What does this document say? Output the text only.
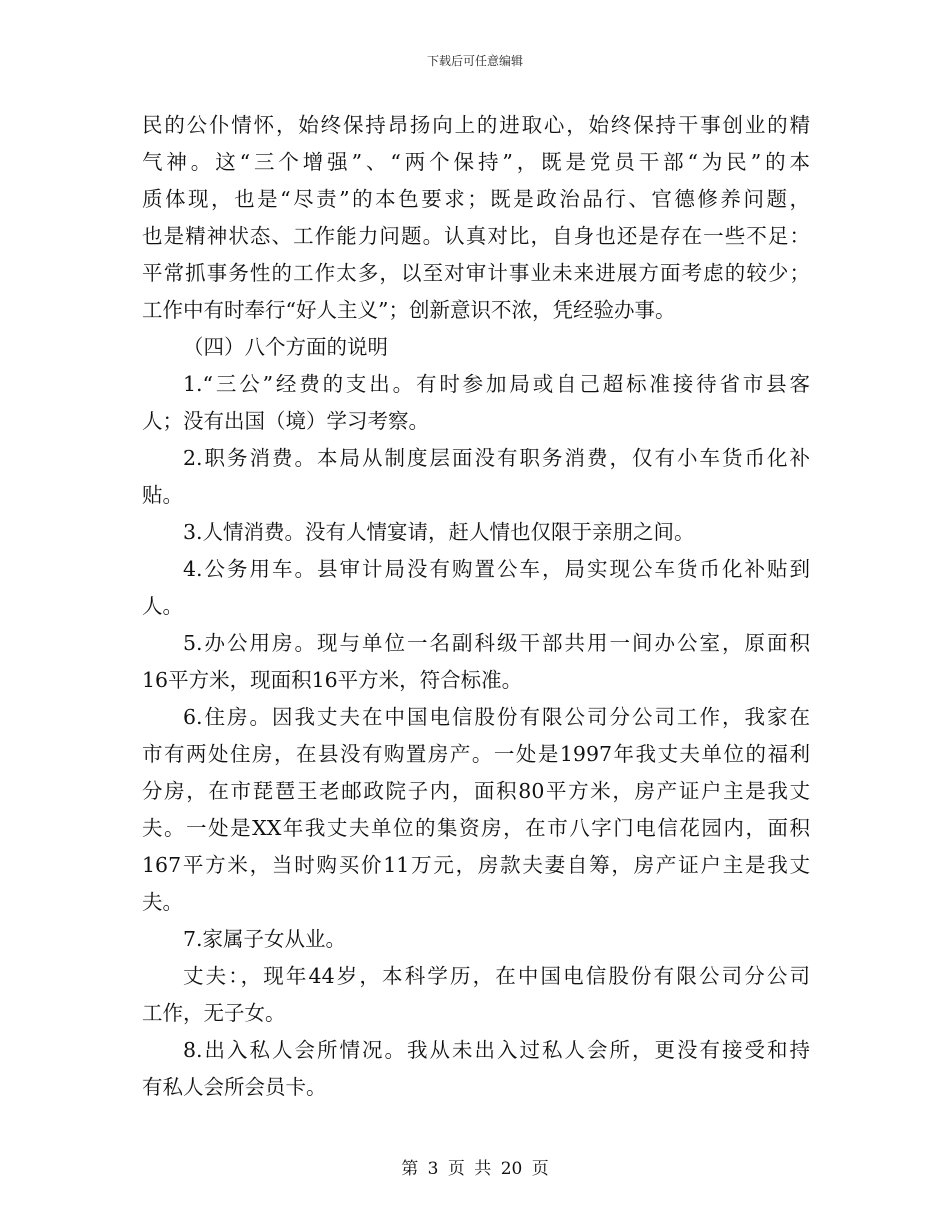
下载后可任意编辑
民的公仆情怀，始终保持昂扬向上的进取心，始终保持干事创业的精
气神。这“三个增强”、“两个保持”，既是党员干部“为民”的本
质体现，也是“尽责”的本色要求；既是政治品行、官德修养问题，
也是精神状态、工作能力问题。认真对比，自身也还是存在一些不足：
平常抓事务性的工作太多，以至对审计事业未来进展方面考虑的较少；
工作中有时奉行“好人主义”；创新意识不浓，凭经验办事。
（四）八个方面的说明
1.“三公”经费的支出。有时参加局或自己超标准接待省市县客
人；没有出国（境）学习考察。
2.职务消费。本局从制度层面没有职务消费，仅有小车货币化补
贴。
3.人情消费。没有人情宴请，赶人情也仅限于亲朋之间。
4.公务用车。县审计局没有购置公车，局实现公车货币化补贴到
人。
5.办公用房。现与单位一名副科级干部共用一间办公室，原面积
16平方米，现面积16平方米，符合标准。
6.住房。因我丈夫在中国电信股份有限公司分公司工作，我家在
市有两处住房，在县没有购置房产。一处是1997年我丈夫单位的福利
分房，在市琵琶王老邮政院子内，面积80平方米，房产证户主是我丈
夫。一处是XX年我丈夫单位的集资房，在市八字门电信花园内，面积
167平方米，当时购买价11万元，房款夫妻自筹，房产证户主是我丈
夫。
7.家属子女从业。
丈夫：，现年44岁，本科学历，在中国电信股份有限公司分公司
工作，无子女。
8.出入私人会所情况。我从未出入过私人会所，更没有接受和持
有私人会所会员卡。
第 3 页 共 20 页
